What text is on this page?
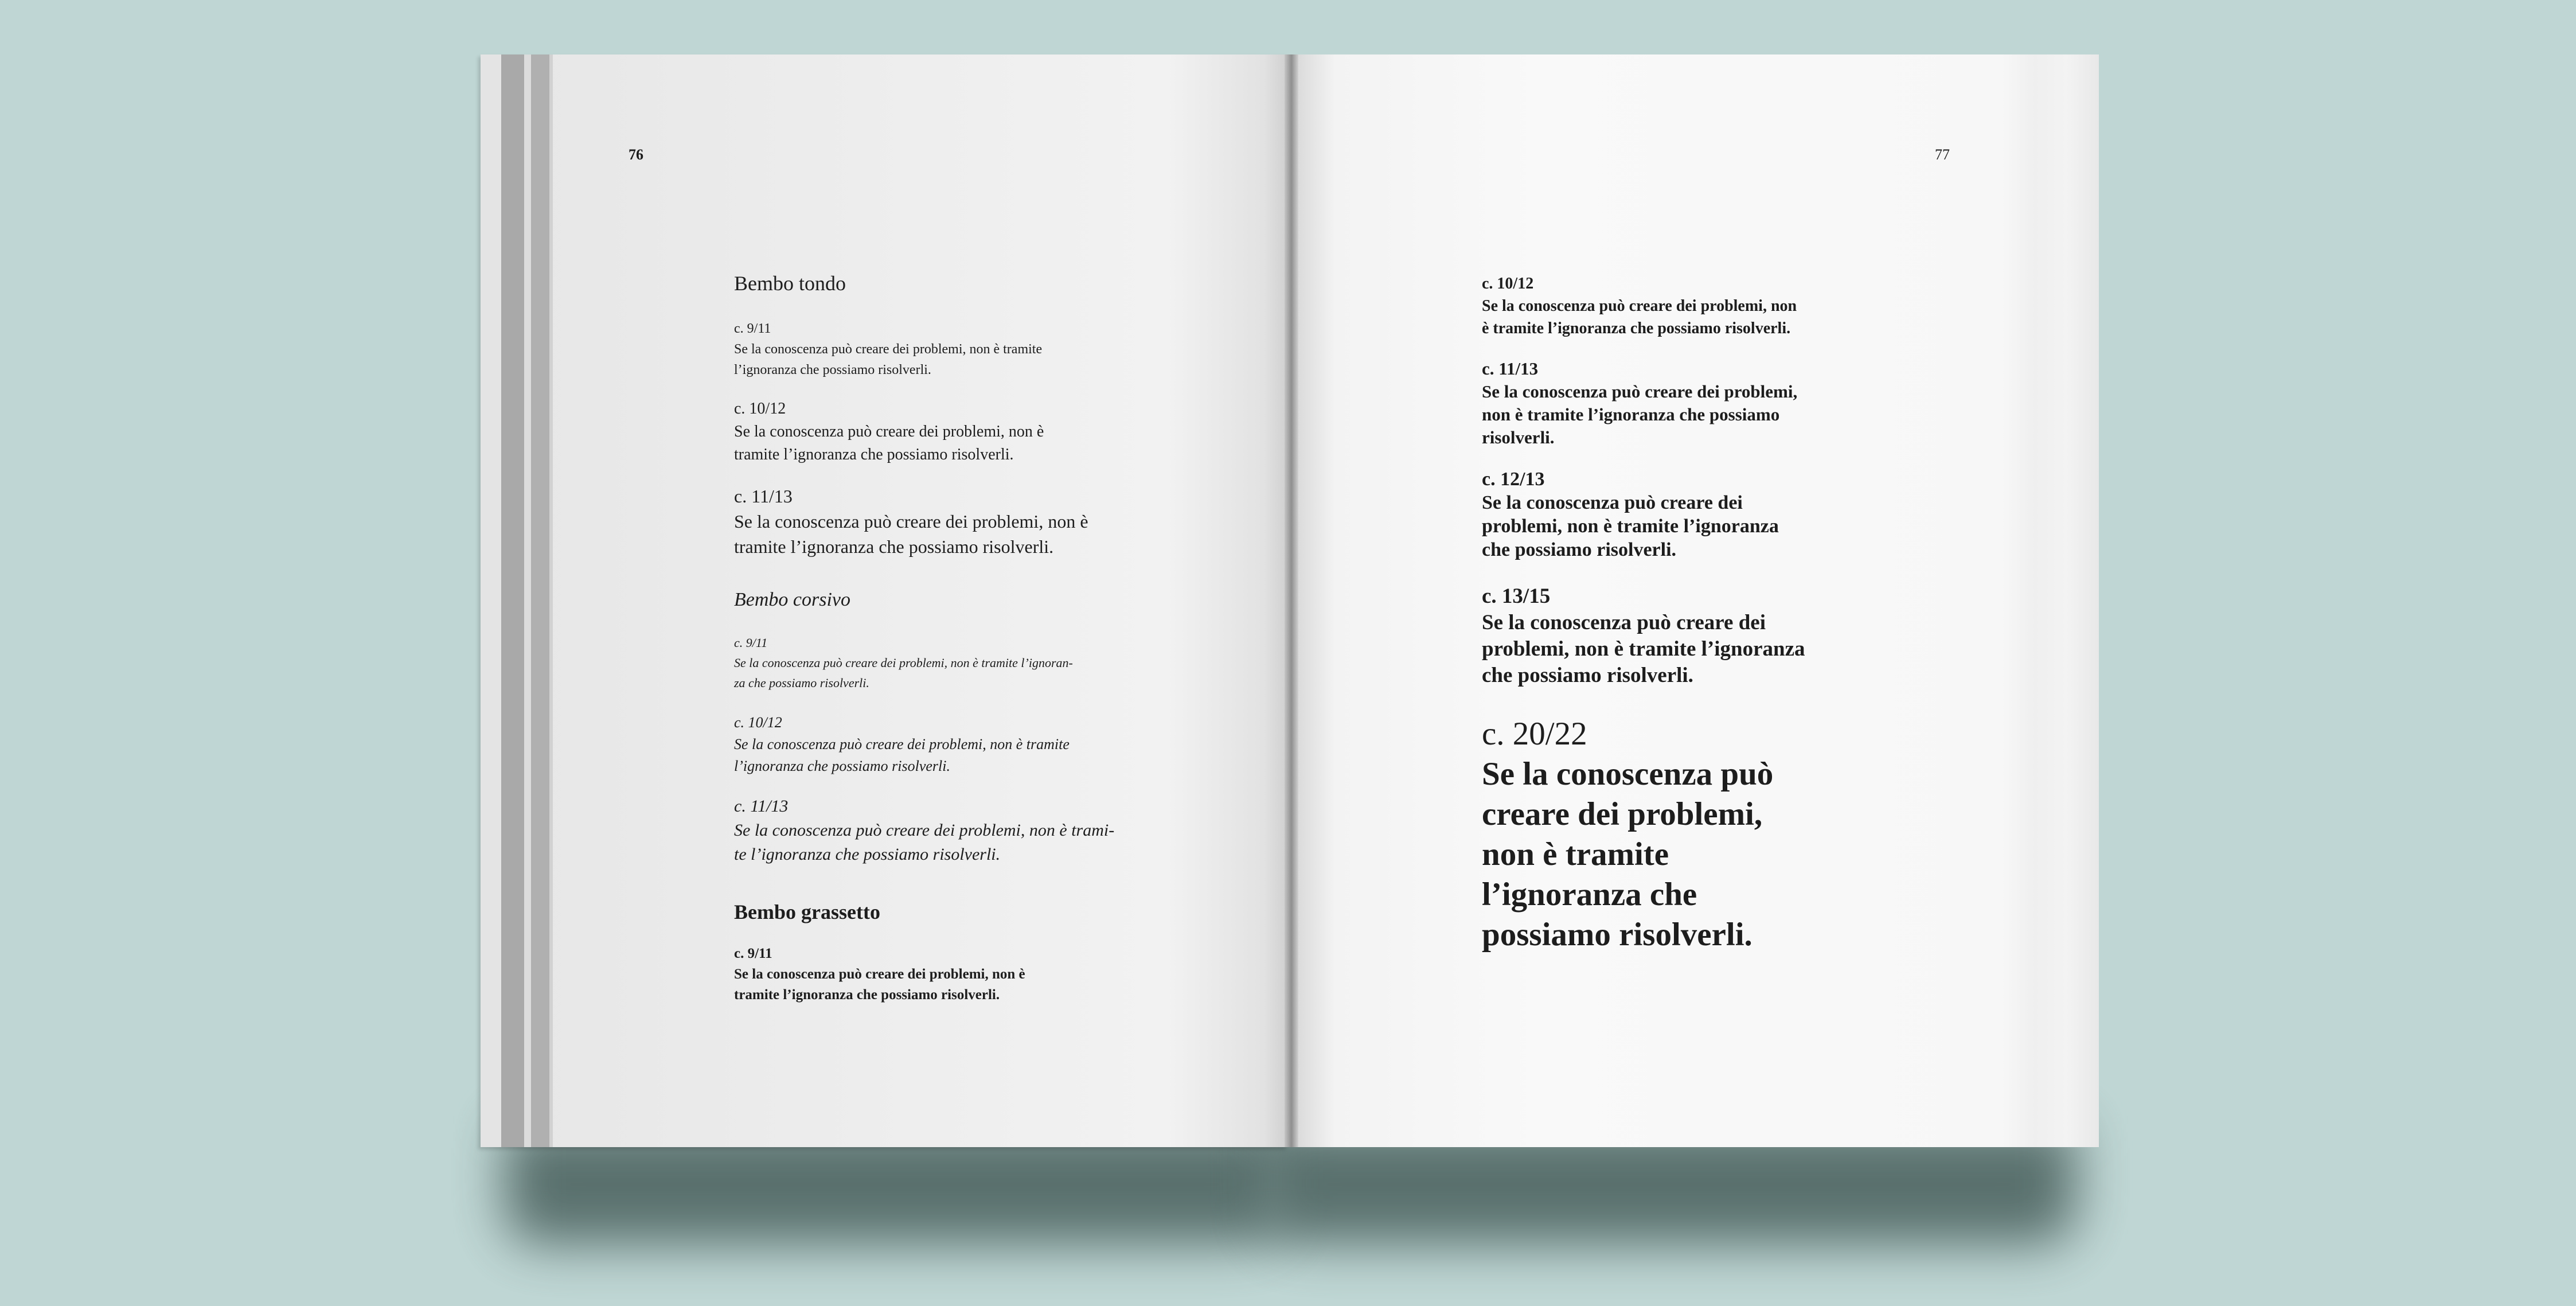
76
Bembo tondo

c. 9/11

Se la conoscenza può creare dei problemi, non è tramite

l’ignoranza che possiamo risolverli.

c. 10/12

Se la conoscenza può creare dei problemi, non è

tramite l’ignoranza che possiamo risolverli.

c. 11/13

Se la conoscenza può creare dei problemi, non è

tramite l’ignoranza che possiamo risolverli.

Bembo corsivo

c. 9/11

Se la conoscenza può creare dei problemi, non è tramite l’ignoran-

za che possiamo risolverli.

c. 10/12

Se la conoscenza può creare dei problemi, non è tramite

l’ignoranza che possiamo risolverli.

c. 11/13

Se la conoscenza può creare dei problemi, non è trami-

te l’ignoranza che possiamo risolverli.

Bembo grassetto

c. 9/11

Se la conoscenza può creare dei problemi, non è

tramite l’ignoranza che possiamo risolverli.

77

c. 10/12

Se la conoscenza può creare dei problemi, non

è tramite l’ignoranza che possiamo risolverli.

c. 11/13

Se la conoscenza può creare dei problemi,

non è tramite l’ignoranza che possiamo

risolverli.

c. 12/13

Se la conoscenza può creare dei

problemi, non è tramite l’ignoranza

che possiamo risolverli.

c. 13/15

Se la conoscenza può creare dei

problemi, non è tramite l’ignoranza

che possiamo risolverli.

c. 20/22

Se la conoscenza può

creare dei problemi,

non è tramite

l’ignoranza che

possiamo risolverli.
